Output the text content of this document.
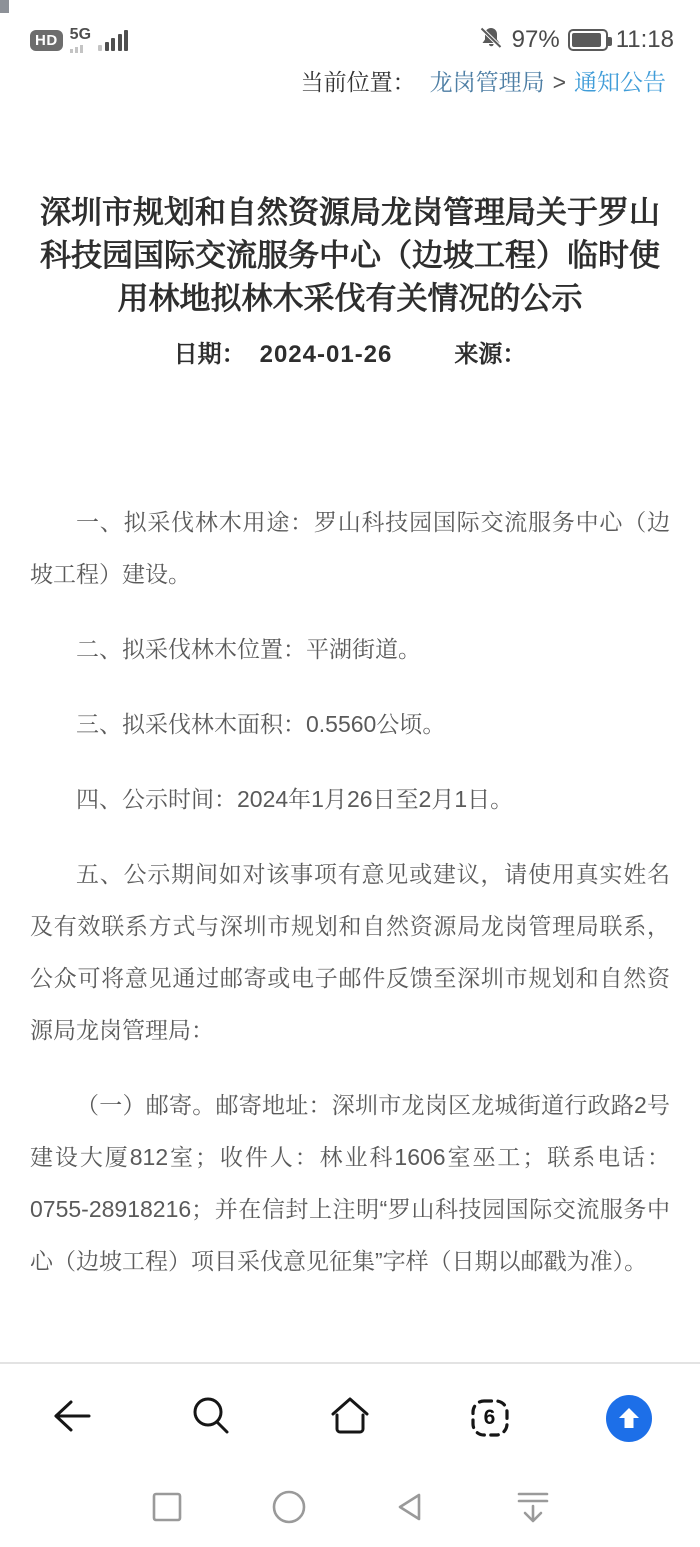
HD 5G	97% 11:18
当前位置： 龙岗管理局 > 通知公告
深圳市规划和自然资源局龙岗管理局关于罗山科技园国际交流服务中心（边坡工程）临时使用林地拟林木采伐有关情况的公示
日期： 2024-01-26	来源：

一、拟采伐林木用途：罗山科技园国际交流服务中心（边坡工程）建设。

二、拟采伐林木位置：平湖街道。

三、拟采伐林木面积：0.5560公顷。

四、公示时间：2024年1月26日至2月1日。

五、公示期间如对该事项有意见或建议，请使用真实姓名及有效联系方式与深圳市规划和自然资源局龙岗管理局联系，公众可将意见通过邮寄或电子邮件反馈至深圳市规划和自然资源局龙岗管理局：

（一）邮寄。邮寄地址：深圳市龙岗区龙城街道行政路2号建设大厦812室；收件人：林业科1606室巫工；联系电话：0755-28918216；并在信封上注明“罗山科技园国际交流服务中心（边坡工程）项目采伐意见征集”字样（日期以邮戳为准）。

6
